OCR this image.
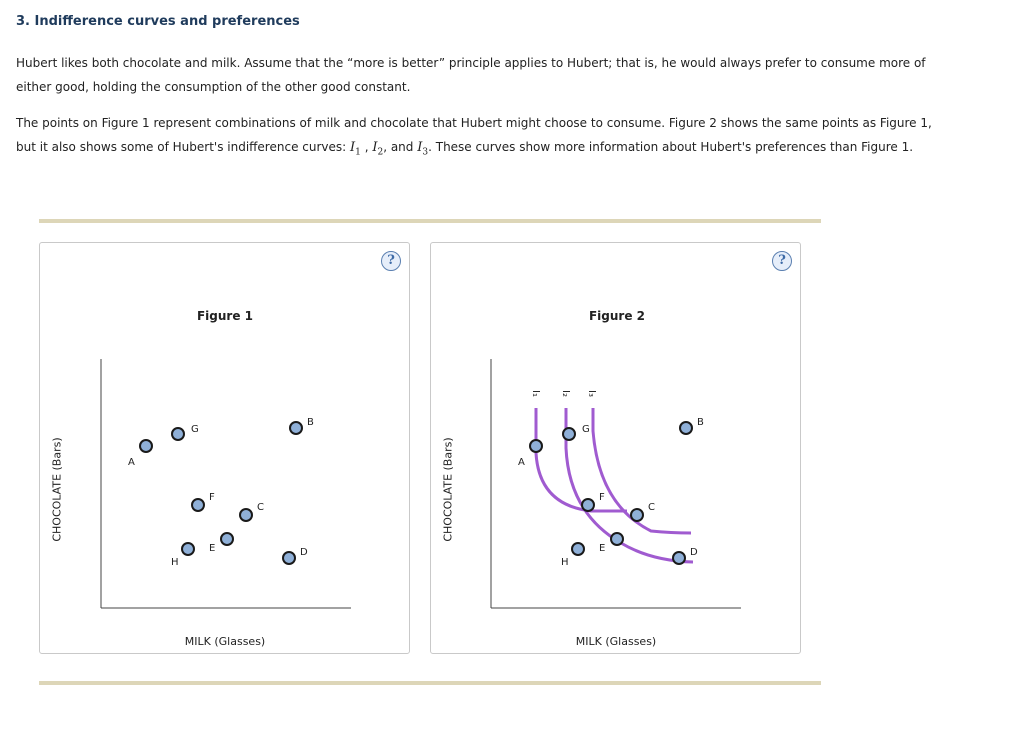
3. Indifference curves and preferences

Hubert likes both chocolate and milk. Assume that the “more is better” principle applies to Hubert; that is, he would always prefer to consume more of either good, holding the consumption of the other good constant.

The points on Figure 1 represent combinations of milk and chocolate that Hubert might choose to consume. Figure 2 shows the same points as Figure 1, but it also shows some of Hubert's indifference curves: $I_1$ , $I_2$, and $I_3$. These curves show more information about Hubert's preferences than Figure 1.

?
Figure 1
CHOCOLATE (Bars)
MILK (Glasses)
A
B
C
D
E
F
G
H
?
Figure 2
CHOCOLATE (Bars)
MILK (Glasses)
I₁ I₂ I₃
A
B
C
D
E
F
G
H
